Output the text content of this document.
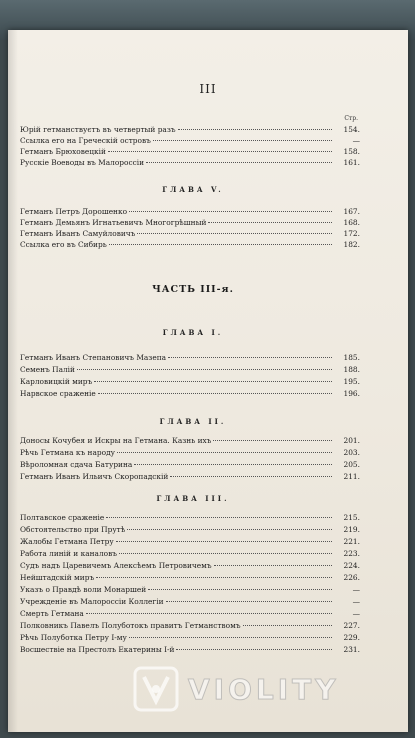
III
Стр.
Юрій гетманствуєтъ въ четвертый разъ	154.
Ссылка его на Греческій островъ	—
Гетманъ Брюховецкій	158.
Русскіе Воеводы въ Малороссіи	161.
ГЛАВА V.
Гетманъ Петръ Дорошенко	167.
Гетманъ Демьянъ Игнатьевичъ Многогрѣшный	168.
Гетманъ Иванъ Самуйловичъ	172.
Ссылка его въ Сибирь	182.
ЧАСТЬ III-я.
ГЛАВА I.
Гетманъ Иванъ Степановичъ Мазепа	185.
Семенъ Палій	188.
Карловицкій миръ	195.
Нарвское сраженіе	196.
ГЛАВА II.
Доносы Кочубея и Искры на Гетмана. Казнь ихъ	201.
Рѣчь Гетмана къ народу	203.
Вѣроломная сдача Батурина	205.
Гетманъ Иванъ Ильичъ Скоропадскій	211.
ГЛАВА III.
Полтавское сраженіе	215.
Обстоятельство при Прутѣ	219.
Жалобы Гетмана Петру	221.
Работа линій и каналовъ	223.
Судъ надъ Царевичемъ Алексѣемъ Петровичемъ	224.
Нейштадскій миръ	226.
Указъ о Правдѣ воли Монаршей	—
Учрежденіе въ Малороссіи Коллегіи	—
Смерть Гетмана	—
Полковникъ Павелъ Полуботокъ правитъ Гетманствомъ	227.
Рѣчь Полуботка Петру I-му	229.
Восшествіе на Престолъ Екатерины I-й	231.
VIOLITY
